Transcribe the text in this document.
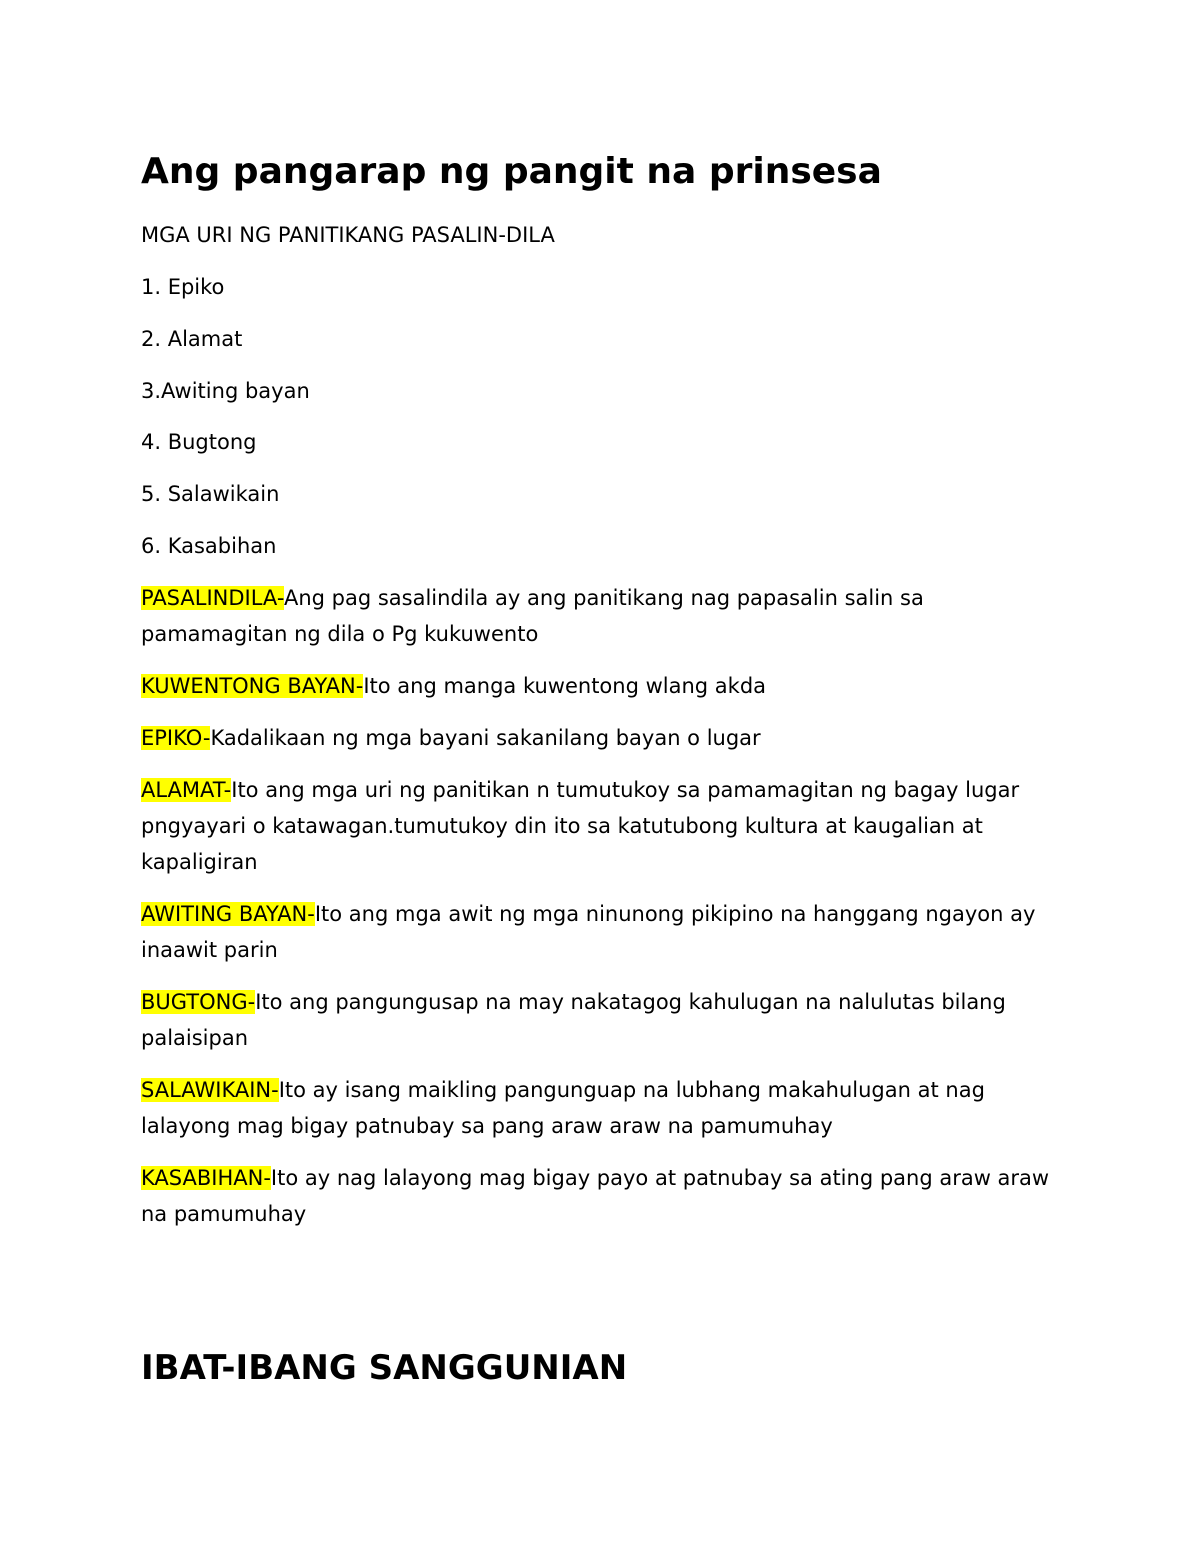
Ang pangarap ng pangit na prinsesa

MGA URI NG PANITIKANG PASALIN-DILA

1. Epiko

2. Alamat

3.Awiting bayan

4. Bugtong

5. Salawikain

6. Kasabihan

PASALINDILA-Ang pag sasalindila ay ang panitikang nag papasalin salin sa pamamagitan ng dila o Pg kukuwento

KUWENTONG BAYAN-Ito ang manga kuwentong wlang akda

EPIKO-Kadalikaan ng mga bayani sakanilang bayan o lugar

ALAMAT-Ito ang mga uri ng panitikan n tumutukoy sa pamamagitan ng bagay lugar pngyayari o katawagan.tumutukoy din ito sa katutubong kultura at kaugalian at kapaligiran

AWITING BAYAN-Ito ang mga awit ng mga ninunong pikipino na hanggang ngayon ay inaawit parin

BUGTONG-Ito ang pangungusap na may nakatagog kahulugan na nalulutas bilang palaisipan

SALAWIKAIN-Ito ay isang maikling pangunguap na lubhang makahulugan at nag lalayong mag bigay patnubay sa pang araw araw na pamumuhay

KASABIHAN-Ito ay nag lalayong mag bigay payo at patnubay sa ating pang araw araw na pamumuhay

IBAT-IBANG SANGGUNIAN
